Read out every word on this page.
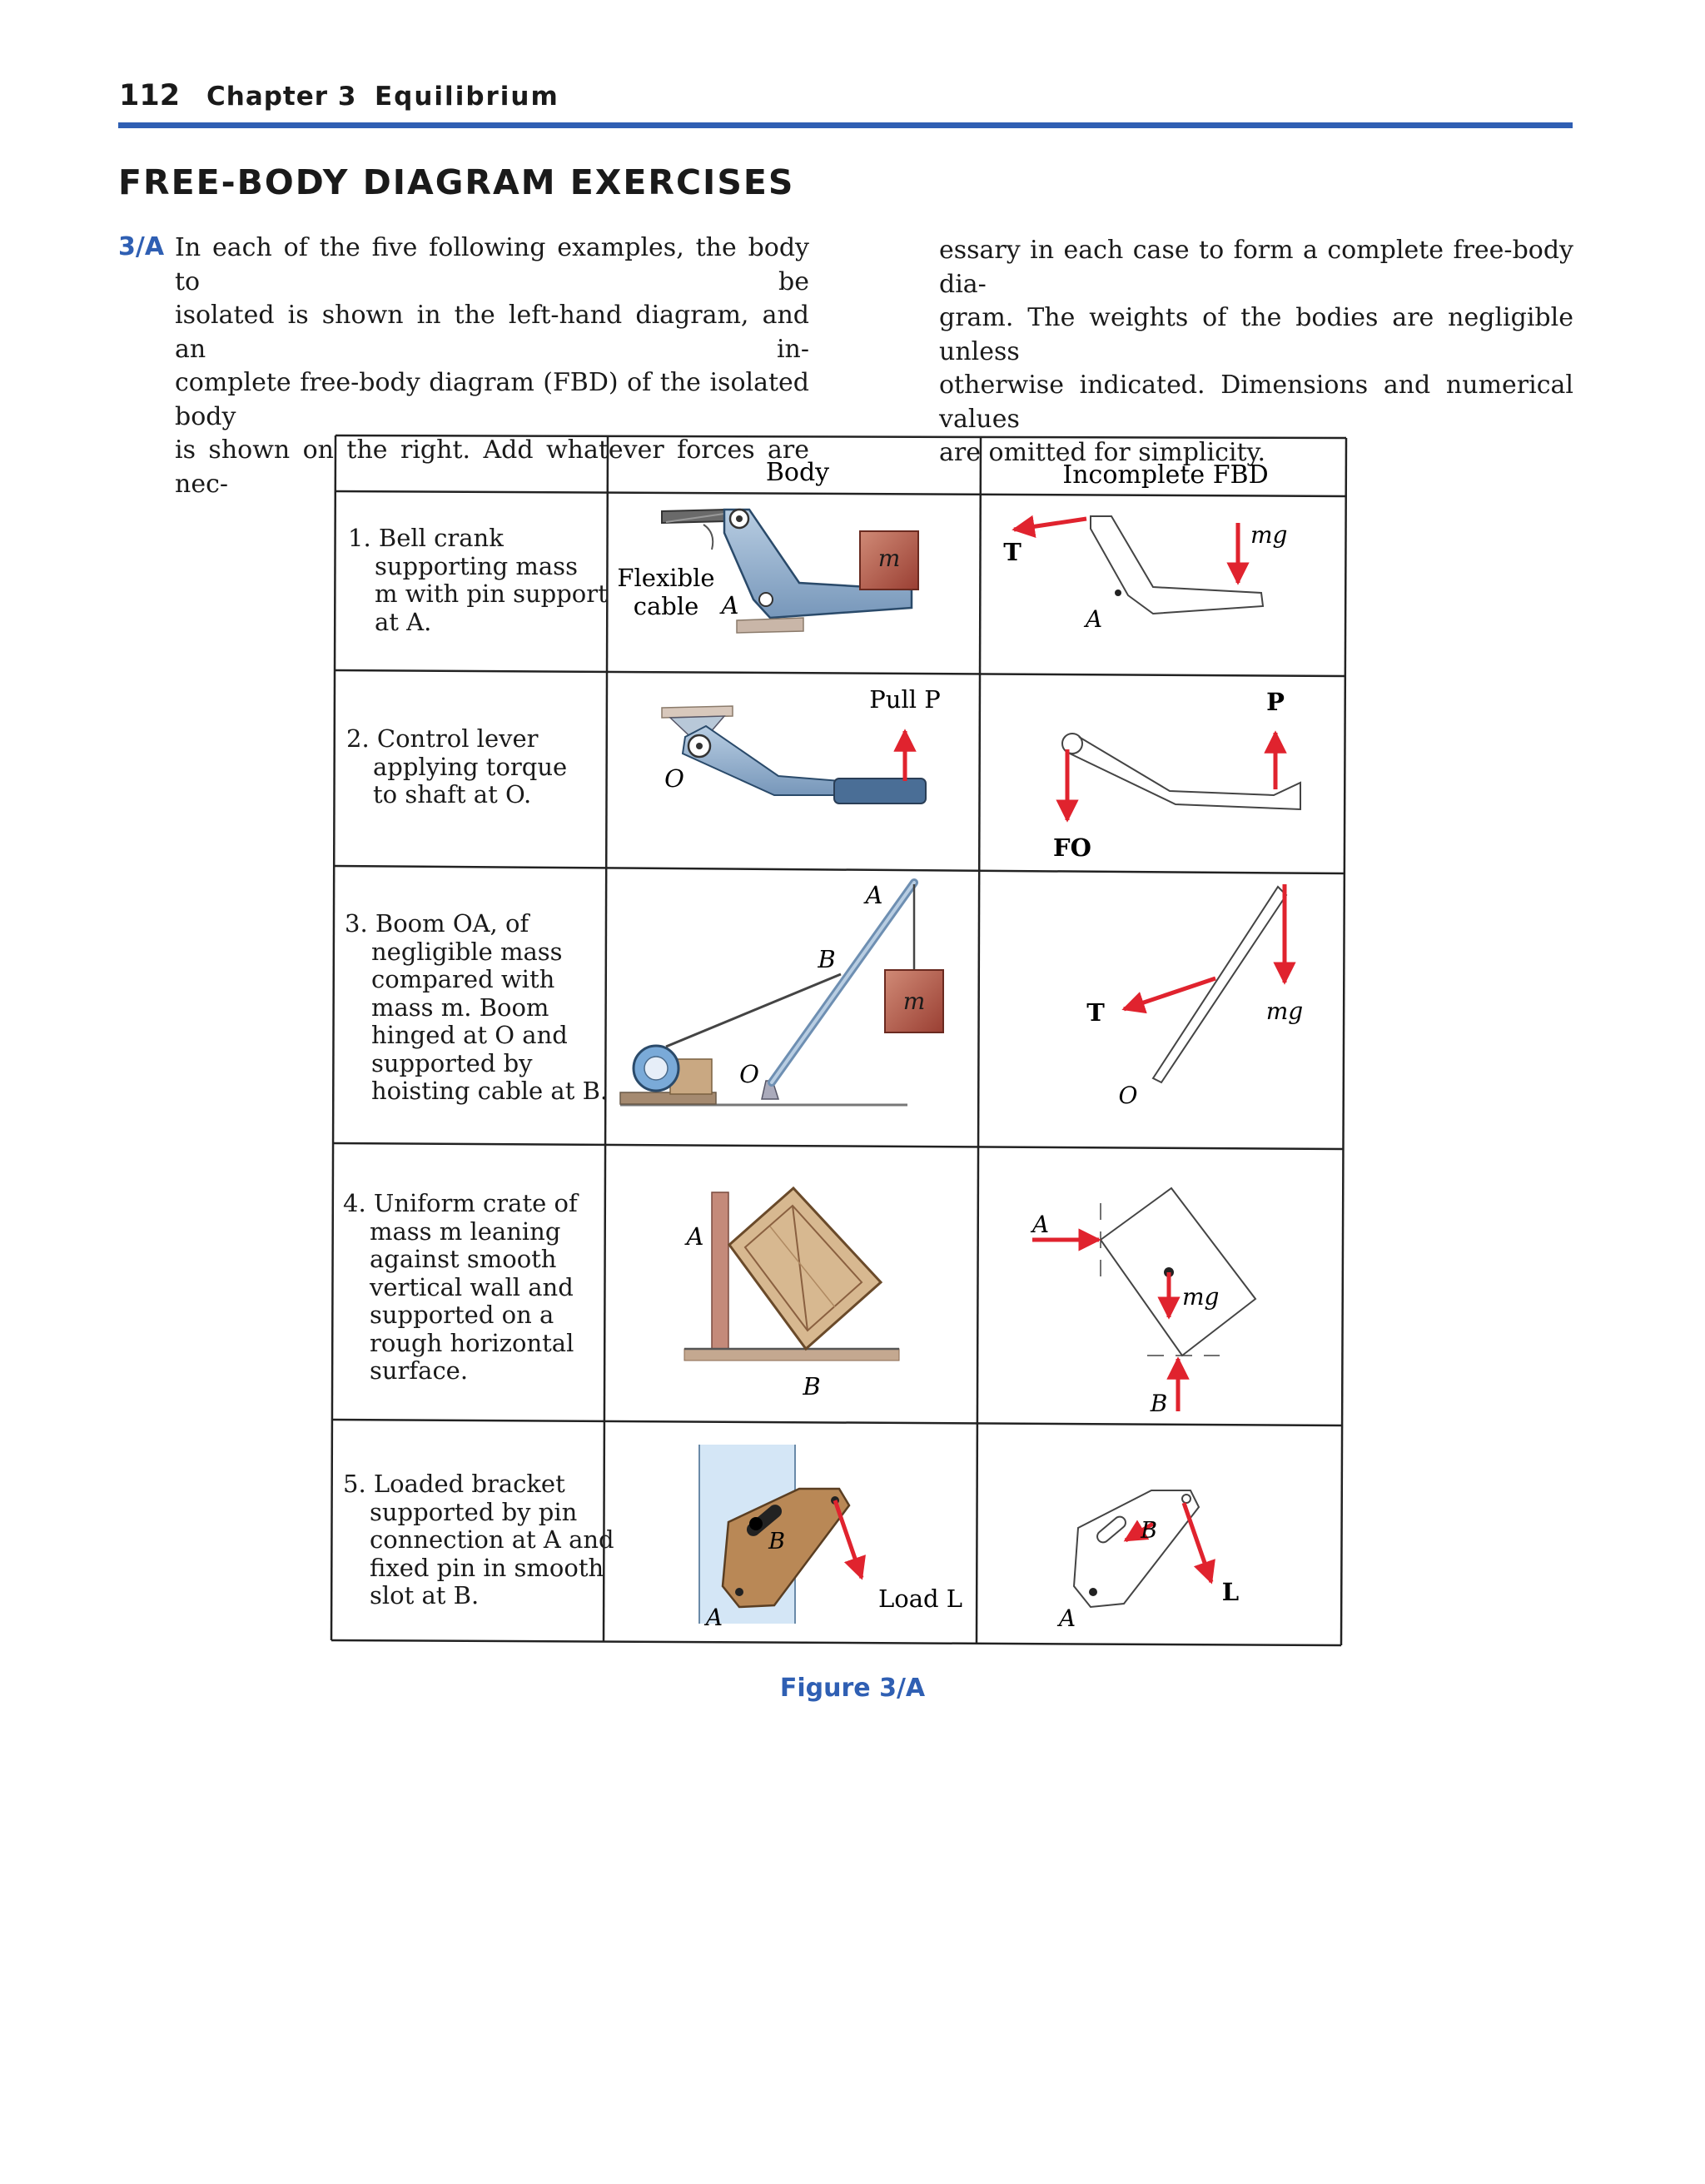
112 Chapter 3 Equilibrium
FREE-BODY DIAGRAM EXERCISES
3/A In each of the five following examples, the body to be
isolated is shown in the left-hand diagram, and an in-
complete free-body diagram (FBD) of the isolated body
is shown on the right. Add whatever forces are nec-
essary in each case to form a complete free-body dia-
gram. The weights of the bodies are negligible unless
otherwise indicated. Dimensions and numerical values
are omitted for simplicity.
1. Bell crank
supporting mass
m with pin support
at A.
2. Control lever
applying torque
to shaft at O.
3. Boom OA, of
negligible mass
compared with
mass m. Boom
hinged at O and
supported by
hoisting cable at B.
4. Uniform crate of
mass m leaning
against smooth
vertical wall and
supported on a
rough horizontal
surface.
5. Loaded bracket
supported by pin
connection at A and
fixed pin in smooth
slot at B.
Body	Incomplete FBD
m
Flexible
cable A
T
mg
A
Pull P
O
FO
P
m
A
B
O
T	mg
O
A
B
A
mg
B
B
Load L
A
B
L
A
Figure 3/A
